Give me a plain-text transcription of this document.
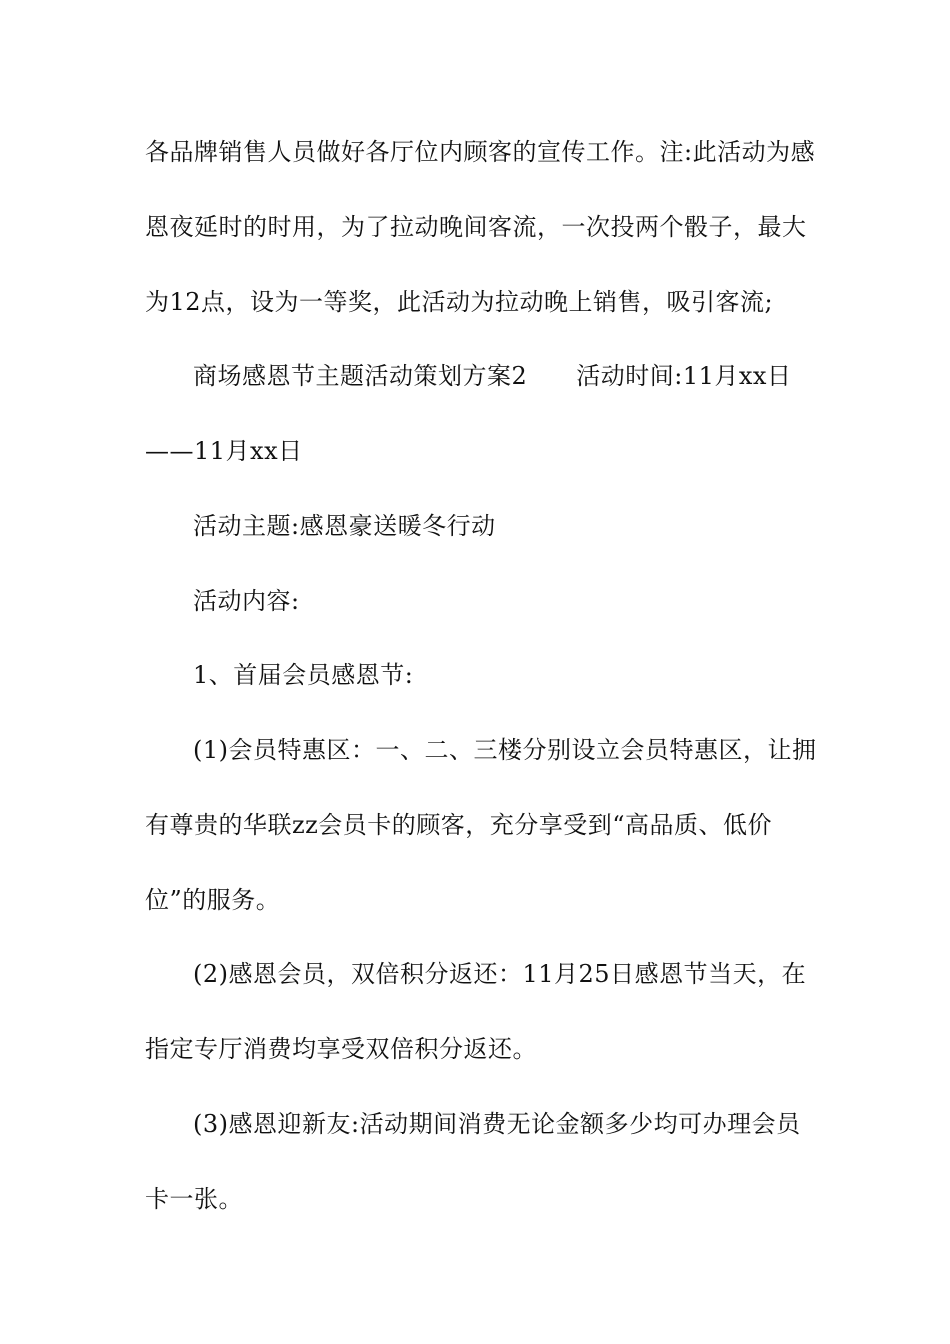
各品牌销售人员做好各厅位内顾客的宣传工作。注:此活动为感
恩夜延时的时用，为了拉动晚间客流，一次投两个骰子，最大
为12点，设为一等奖，此活动为拉动晚上销售，吸引客流;
商场感恩节主题活动策划方案2　　活动时间:11月xx日
——11月xx日
活动主题:感恩豪送暖冬行动
活动内容:
1、首届会员感恩节:
(1)会员特惠区：一、二、三楼分别设立会员特惠区，让拥
有尊贵的华联zz会员卡的顾客，充分享受到“高品质、低价
位”的服务。
(2)感恩会员，双倍积分返还：11月25日感恩节当天，在
指定专厅消费均享受双倍积分返还。
(3)感恩迎新友:活动期间消费无论金额多少均可办理会员
卡一张。
